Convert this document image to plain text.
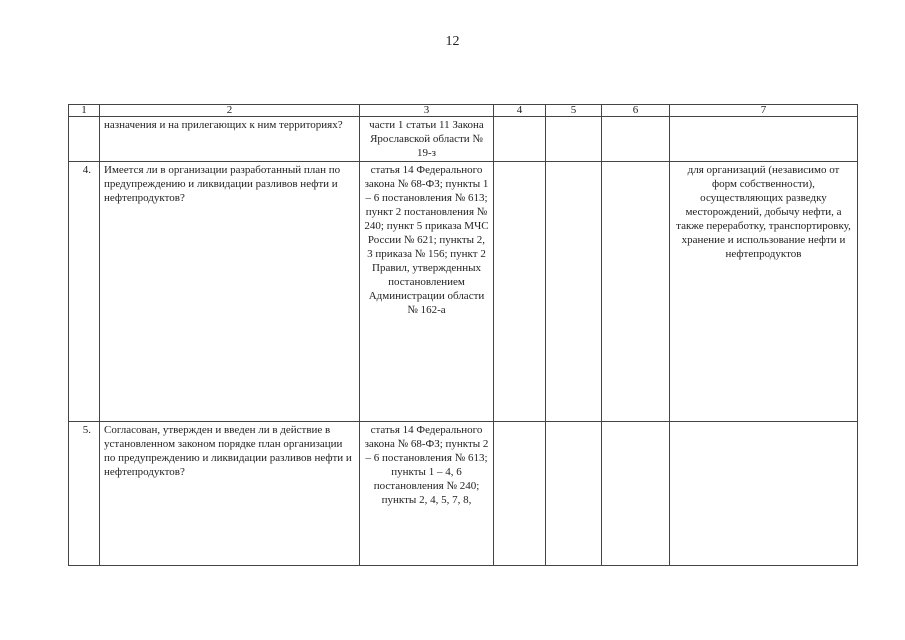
12
1	2	3	4	5	6	7
	назначения и на прилегающих к ним территориях?	части 1 статьи 11 Закона Ярославской области № 19-з				
4.	Имеется ли в организации разработанный план по предупреждению и ликвидации разливов нефти и нефтепродуктов?	статья 14 Федерального закона № 68-ФЗ; пункты 1 – 6 постановления № 613; пункт 2 постановления № 240; пункт 5 приказа МЧС России № 621; пункты 2, 3 приказа № 156; пункт 2 Правил, утвержденных постановлением Администрации области № 162-а				для организаций (независимо от форм собственности), осуществляющих разведку месторождений, добычу нефти, а также переработку, транспортировку, хранение и использование нефти и нефтепродуктов
5.	Согласован, утвержден и введен ли в действие в установленном законом порядке план организации по предупреждению и ликвидации разливов нефти и нефтепродуктов?	статья 14 Федерального закона № 68-ФЗ; пункты 2 – 6 постановления № 613; пункты 1 – 4, 6 постановления № 240; пункты 2, 4, 5, 7, 8,				
